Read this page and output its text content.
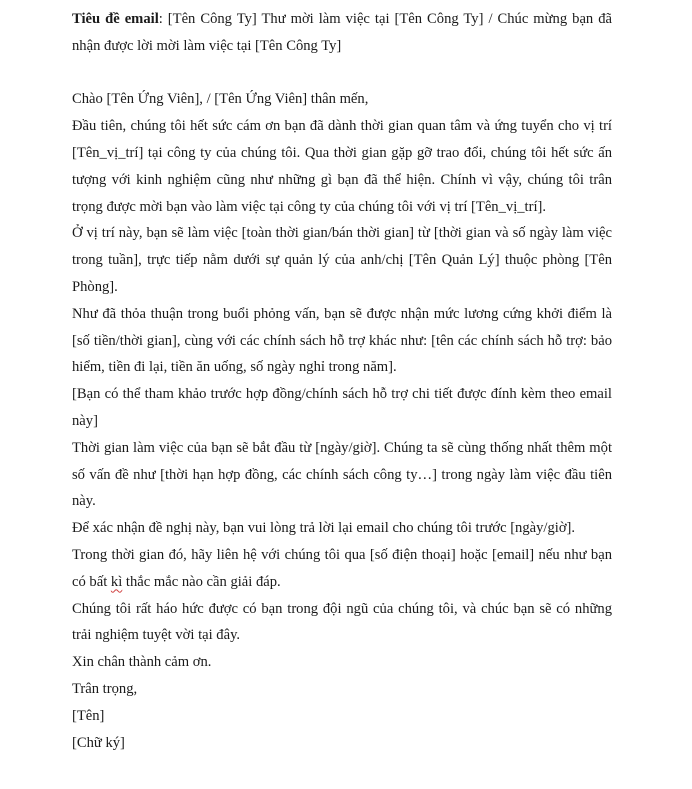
Tiêu đề email: [Tên Công Ty] Thư mời làm việc tại [Tên Công Ty] / Chúc mừng bạn đã nhận được lời mời làm việc tại [Tên Công Ty]

Chào [Tên Ứng Viên], / [Tên Ứng Viên] thân mến,

Đầu tiên, chúng tôi hết sức cám ơn bạn đã dành thời gian quan tâm và ứng tuyển cho vị trí [Tên_vị_trí] tại công ty của chúng tôi. Qua thời gian gặp gỡ trao đổi, chúng tôi hết sức ấn tượng với kinh nghiệm cũng như những gì bạn đã thể hiện. Chính vì vậy, chúng tôi trân trọng được mời bạn vào làm việc tại công ty của chúng tôi với vị trí [Tên_vị_trí].

Ở vị trí này, bạn sẽ làm việc [toàn thời gian/bán thời gian] từ [thời gian và số ngày làm việc trong tuần], trực tiếp nằm dưới sự quản lý của anh/chị [Tên Quản Lý] thuộc phòng [Tên Phòng].

Như đã thỏa thuận trong buổi phỏng vấn, bạn sẽ được nhận mức lương cứng khởi điểm là [số tiền/thời gian], cùng với các chính sách hỗ trợ khác như: [tên các chính sách hỗ trợ: bảo hiểm, tiền đi lại, tiền ăn uống, số ngày nghỉ trong năm].

[Bạn có thể tham khảo trước hợp đồng/chính sách hỗ trợ chi tiết được đính kèm theo email này]

Thời gian làm việc của bạn sẽ bắt đầu từ [ngày/giờ]. Chúng ta sẽ cùng thống nhất thêm một số vấn đề như [thời hạn hợp đồng, các chính sách công ty…] trong ngày làm việc đầu tiên này.

Để xác nhận đề nghị này, bạn vui lòng trả lời lại email cho chúng tôi trước [ngày/giờ].

Trong thời gian đó, hãy liên hệ với chúng tôi qua [số điện thoại] hoặc [email] nếu như bạn có bất kì thắc mắc nào cần giải đáp.

Chúng tôi rất háo hức được có bạn trong đội ngũ của chúng tôi, và chúc bạn sẽ có những trải nghiệm tuyệt vời tại đây.

Xin chân thành cảm ơn.

Trân trọng,

[Tên]

[Chữ ký]
